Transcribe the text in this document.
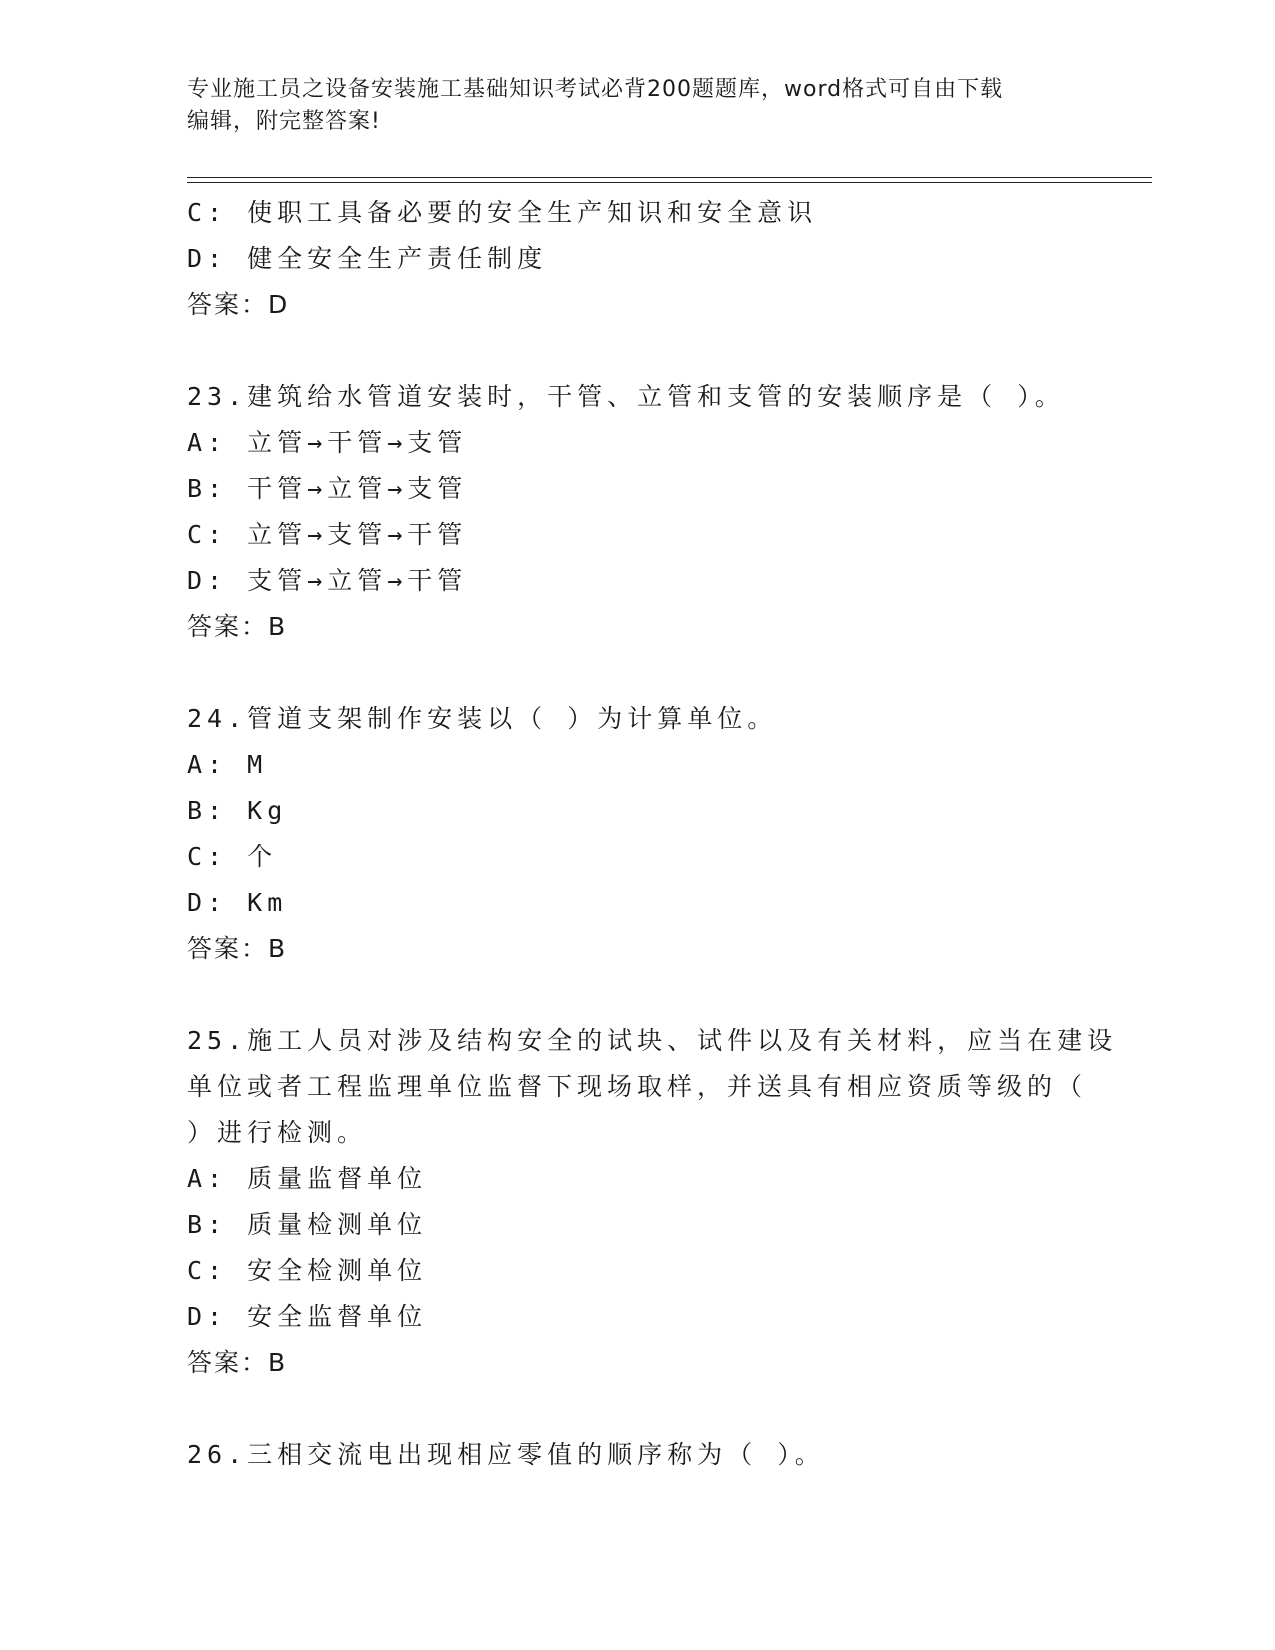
专业施工员之设备安装施工基础知识考试必背200题题库，word格式可自由下载
编辑，附完整答案!
C: 使职工具备必要的安全生产知识和安全意识
D: 健全安全生产责任制度
答案：D
23.建筑给水管道安装时，干管、立管和支管的安装顺序是（ ）。
A: 立管→干管→支管
B: 干管→立管→支管
C: 立管→支管→干管
D: 支管→立管→干管
答案：B
24.管道支架制作安装以（ ）为计算单位。
A: M
B: Kg
C: 个
D: Km
答案：B
25.施工人员对涉及结构安全的试块、试件以及有关材料，应当在建设
单位或者工程监理单位监督下现场取样，并送具有相应资质等级的（
）进行检测。
A: 质量监督单位
B: 质量检测单位
C: 安全检测单位
D: 安全监督单位
答案：B
26.三相交流电出现相应零值的顺序称为（ ）。
